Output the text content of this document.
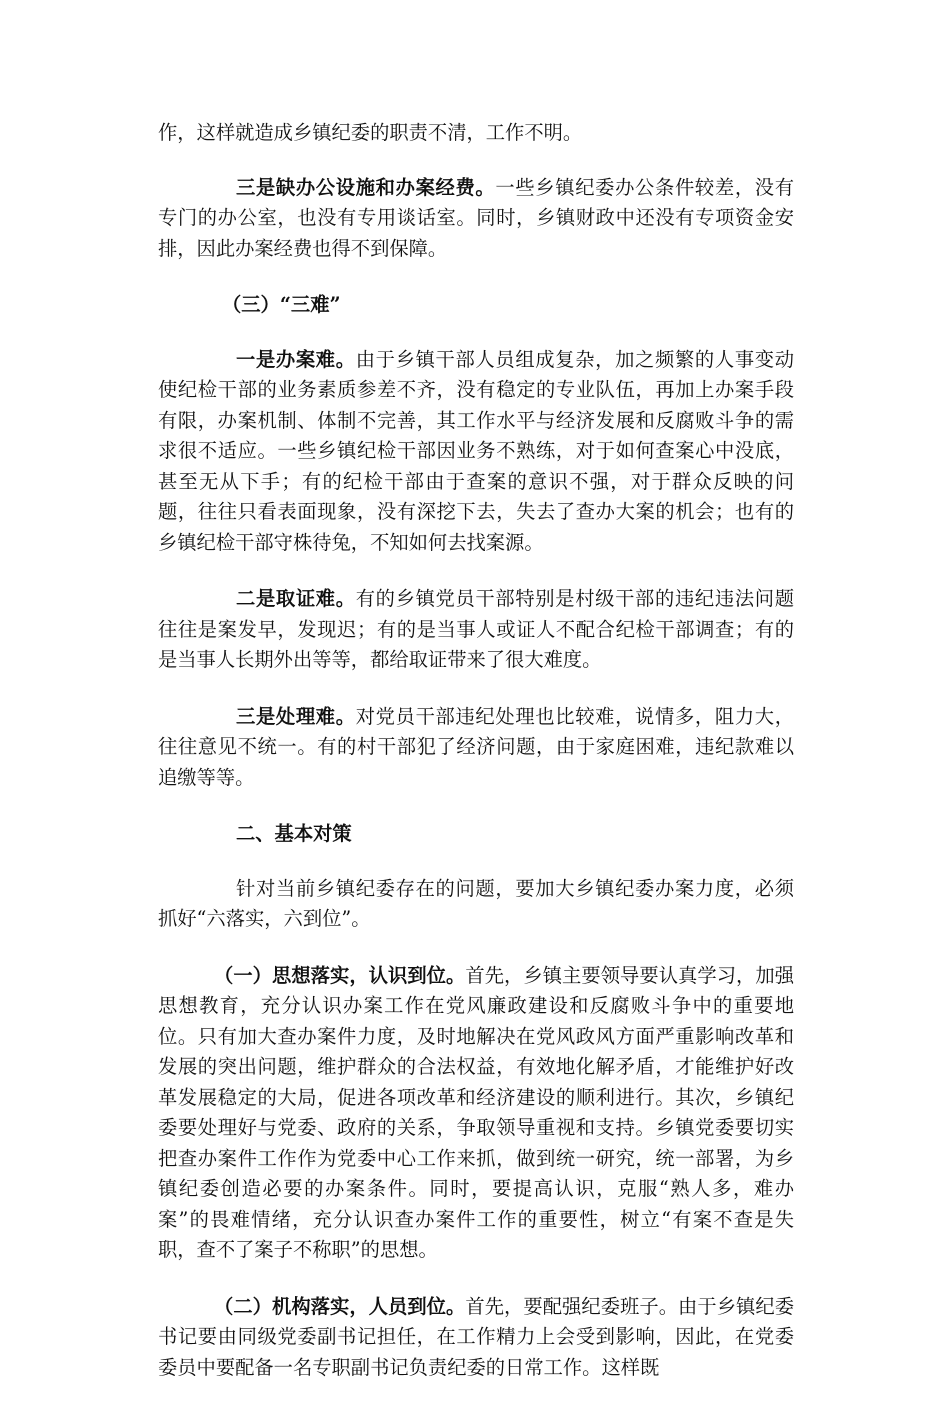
作，这样就造成乡镇纪委的职责不清，工作不明。

三是缺办公设施和办案经费。一些乡镇纪委办公条件较差，没有专门的办公室，也没有专用谈话室。同时，乡镇财政中还没有专项资金安排，因此办案经费也得不到保障。

（三）“三难”

一是办案难。由于乡镇干部人员组成复杂，加之频繁的人事变动使纪检干部的业务素质参差不齐，没有稳定的专业队伍，再加上办案手段有限，办案机制、体制不完善，其工作水平与经济发展和反腐败斗争的需求很不适应。一些乡镇纪检干部因业务不熟练，对于如何查案心中没底，甚至无从下手；有的纪检干部由于查案的意识不强，对于群众反映的问题，往往只看表面现象，没有深挖下去，失去了查办大案的机会；也有的乡镇纪检干部守株待兔，不知如何去找案源。

二是取证难。有的乡镇党员干部特别是村级干部的违纪违法问题往往是案发早，发现迟；有的是当事人或证人不配合纪检干部调查；有的是当事人长期外出等等，都给取证带来了很大难度。

三是处理难。对党员干部违纪处理也比较难，说情多，阻力大，往往意见不统一。有的村干部犯了经济问题，由于家庭困难，违纪款难以追缴等等。

二、基本对策

针对当前乡镇纪委存在的问题，要加大乡镇纪委办案力度，必须抓好“六落实，六到位”。

（一）思想落实，认识到位。首先，乡镇主要领导要认真学习，加强思想教育，充分认识办案工作在党风廉政建设和反腐败斗争中的重要地位。只有加大查办案件力度，及时地解决在党风政风方面严重影响改革和发展的突出问题，维护群众的合法权益，有效地化解矛盾，才能维护好改革发展稳定的大局，促进各项改革和经济建设的顺利进行。其次，乡镇纪委要处理好与党委、政府的关系，争取领导重视和支持。乡镇党委要切实把查办案件工作作为党委中心工作来抓，做到统一研究，统一部署，为乡镇纪委创造必要的办案条件。同时，要提高认识，克服“熟人多，难办案”的畏难情绪，充分认识查办案件工作的重要性，树立“有案不查是失职，查不了案子不称职”的思想。

（二）机构落实，人员到位。首先，要配强纪委班子。由于乡镇纪委书记要由同级党委副书记担任，在工作精力上会受到影响，因此，在党委委员中要配备一名专职副书记负责纪委的日常工作。这样既
